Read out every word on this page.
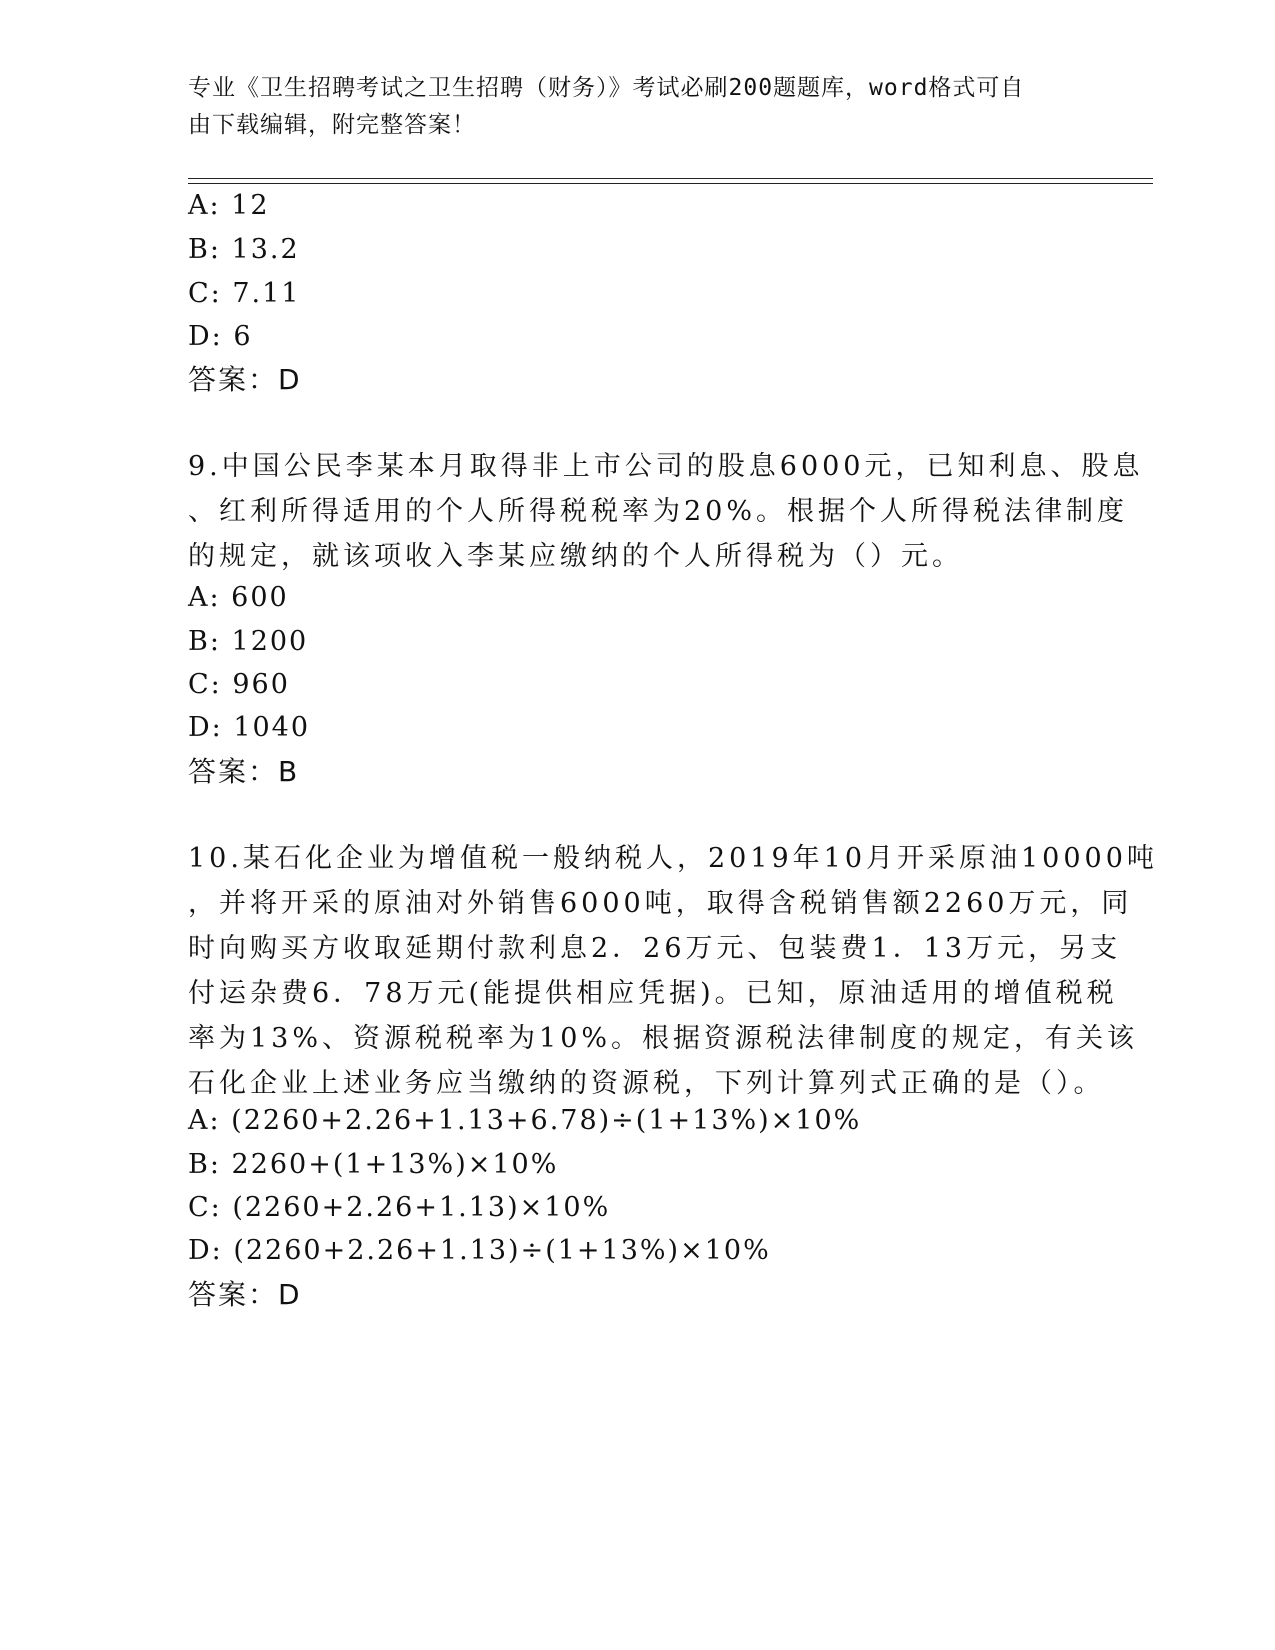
专业《卫生招聘考试之卫生招聘（财务）》考试必刷200题题库，word格式可自
由下载编辑，附完整答案！
A: 12
B: 13.2
C: 7.11
D: 6
答案：D
9.中国公民李某本月取得非上市公司的股息6000元，已知利息、股息
、红利所得适用的个人所得税税率为20%。根据个人所得税法律制度
的规定，就该项收入李某应缴纳的个人所得税为（）元。
A: 600
B: 1200
C: 960
D: 1040
答案：B
10.某石化企业为增值税一般纳税人，2019年10月开采原油10000吨
，并将开采的原油对外销售6000吨，取得含税销售额2260万元，同
时向购买方收取延期付款利息2．26万元、包装费1．13万元，另支
付运杂费6．78万元(能提供相应凭据)。已知，原油适用的增值税税
率为13%、资源税税率为10%。根据资源税法律制度的规定，有关该
石化企业上述业务应当缴纳的资源税，下列计算列式正确的是（）。
A: (2260+2.26+1.13+6.78)÷(1+13%)×10%
B: 2260+(1+13%)×10%
C: (2260+2.26+1.13)×10%
D: (2260+2.26+1.13)÷(1+13%)×10%
答案：D
